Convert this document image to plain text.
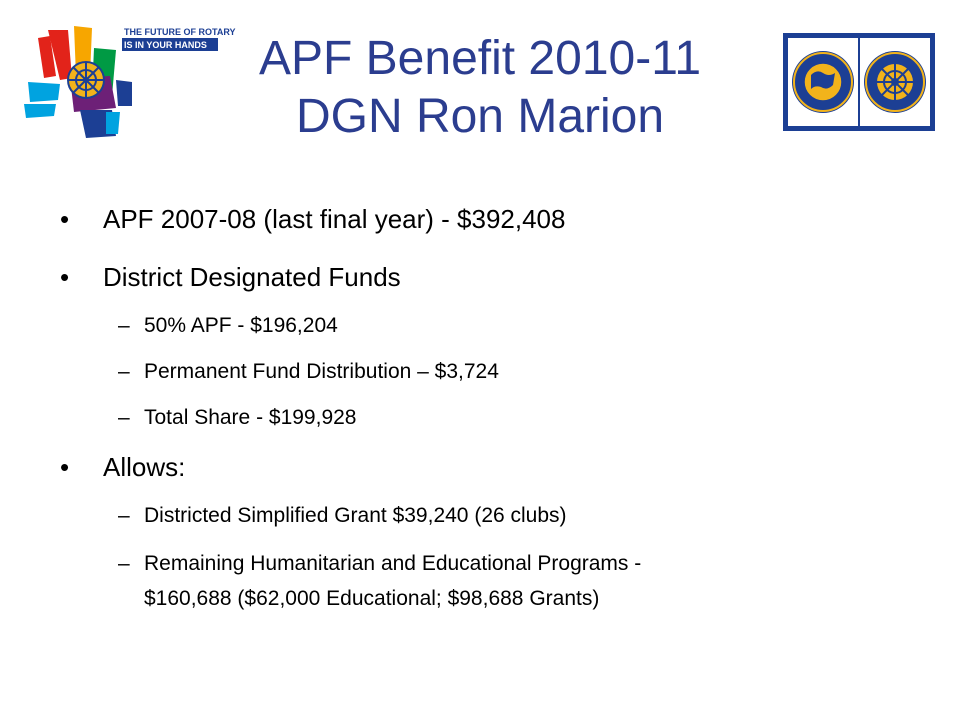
THE FUTURE OF ROTARY
IS IN YOUR HANDS	APF Benefit 2010-11
DGN Ron Marion
•	APF 2007-08 (last final year) - $392,408
•	District Designated Funds
– 50% APF - $196,204
– Permanent Fund Distribution – $3,724
– Total Share - $199,928
•	Allows:
– Districted Simplified Grant $39,240 (26 clubs)
– Remaining Humanitarian and Educational Programs -
$160,688 ($62,000 Educational; $98,688 Grants)
